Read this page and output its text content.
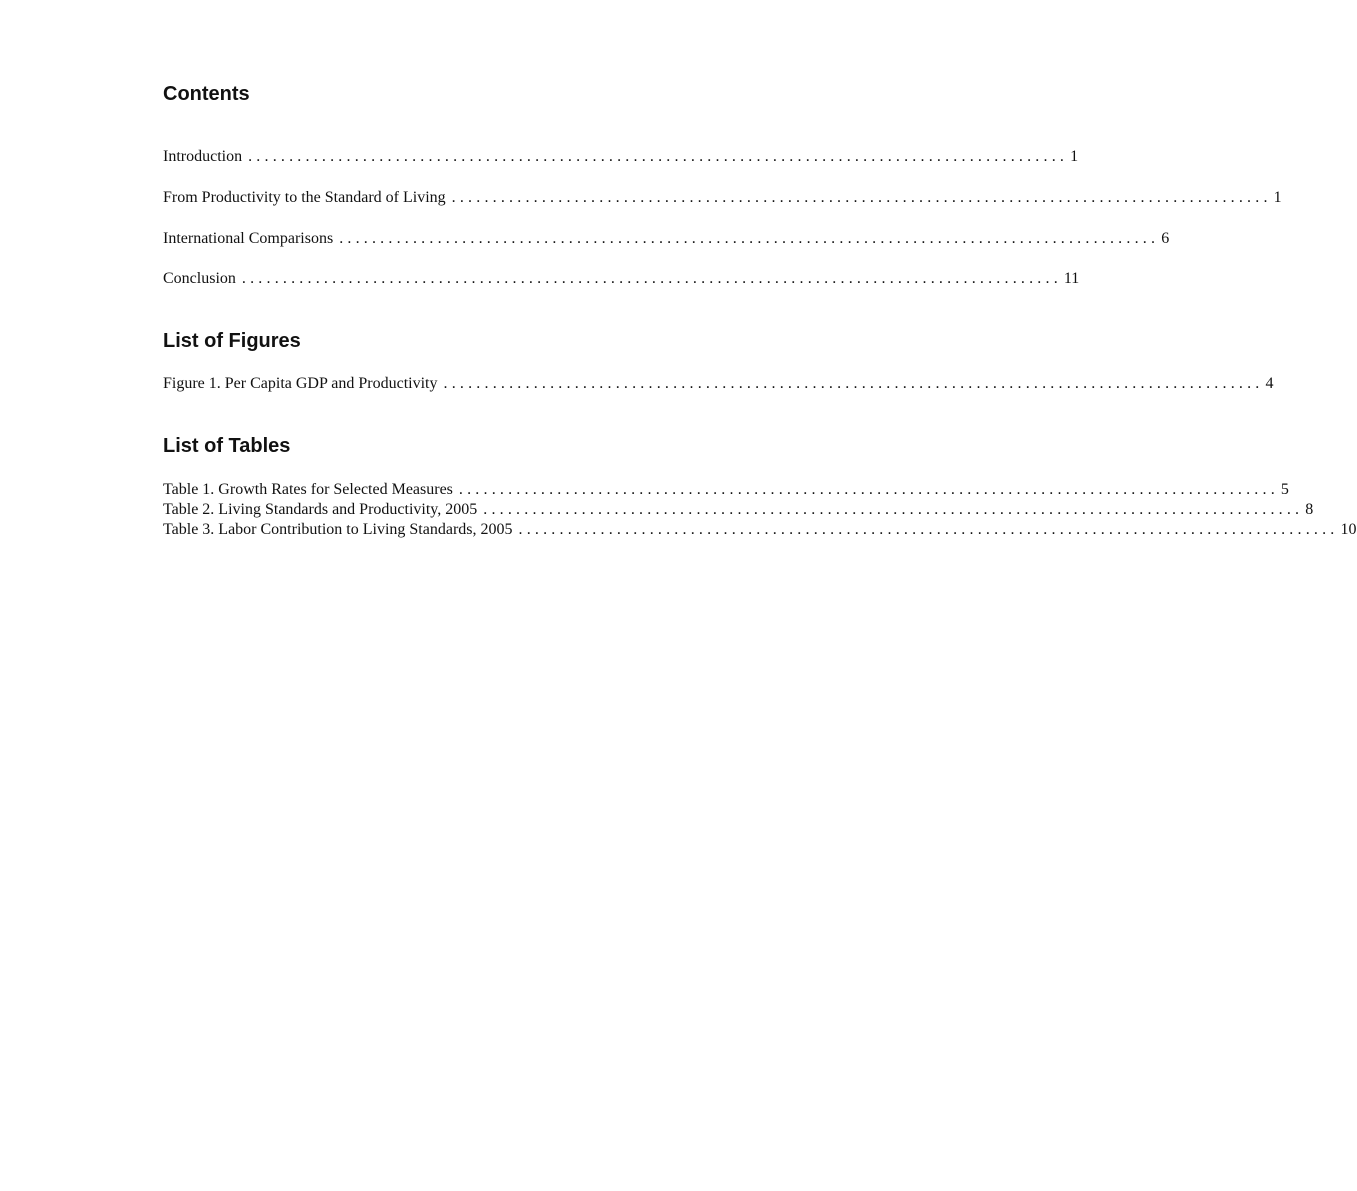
Contents
Introduction .................................................................................................... 1
From Productivity to the Standard of Living .................................................................................................... 1
International Comparisons .................................................................................................... 6
Conclusion .................................................................................................... 11
List of Figures
Figure 1. Per Capita GDP and Productivity .................................................................................................... 4
List of Tables
Table 1. Growth Rates for Selected Measures .................................................................................................... 5
Table 2. Living Standards and Productivity, 2005 .................................................................................................... 8
Table 3. Labor Contribution to Living Standards, 2005 .................................................................................................... 10
